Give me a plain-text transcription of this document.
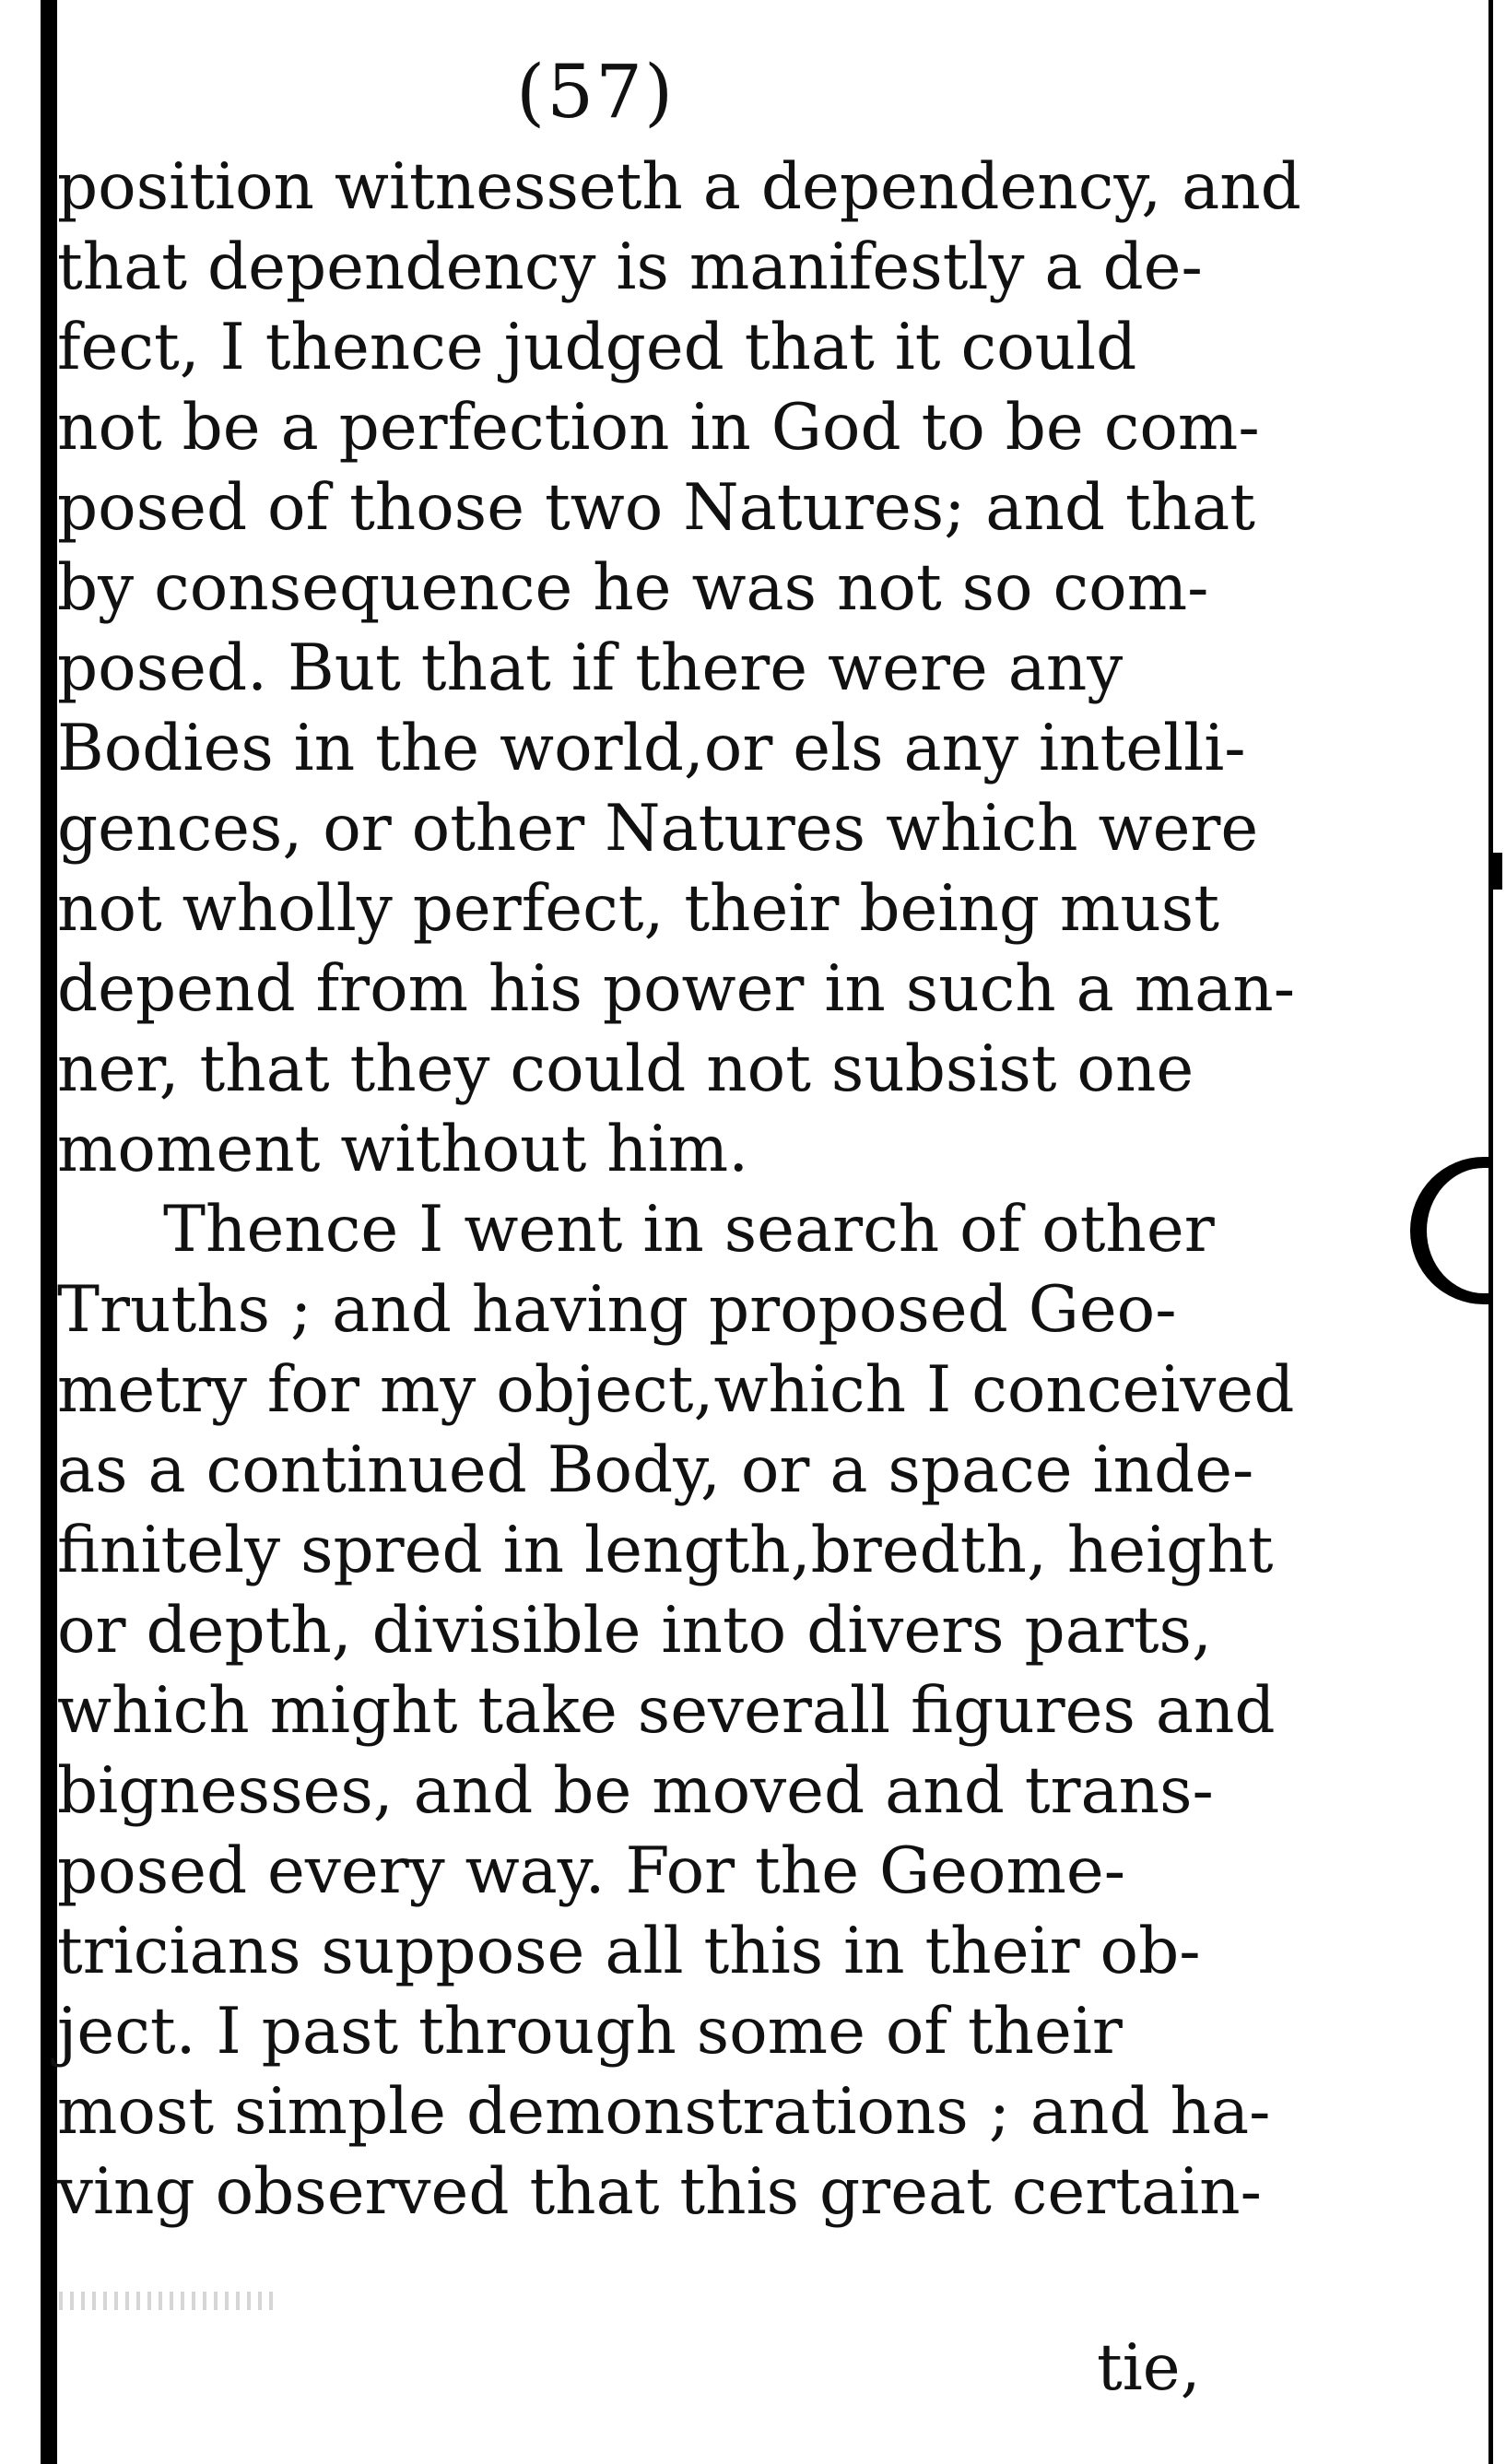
(57)

position witnesseth a dependency, and
that dependency is manifestly a de-
fect, I thence judged that it could
not be a perfection in God to be com-
posed of those two Natures; and that
by consequence he was not so com-
posed. But that if there were any
Bodies in the world,or els any intelli-
gences, or other Natures which were
not wholly perfect, their being must
depend from his power in such a man-
ner, that they could not subsist one
moment without him.
Thence I went in search of other
Truths ; and having proposed Geo-
metry for my object,which I conceived
as a continued Body, or a space inde-
finitely spred in length,bredth, height
or depth, divisible into divers parts,
which might take severall figures and
bignesses, and be moved and trans-
posed every way. For the Geome-
tricians suppose all this in their ob-
ject. I past through some of their
most simple demonstrations ; and ha-
ving observed that this great certain-

tie,
